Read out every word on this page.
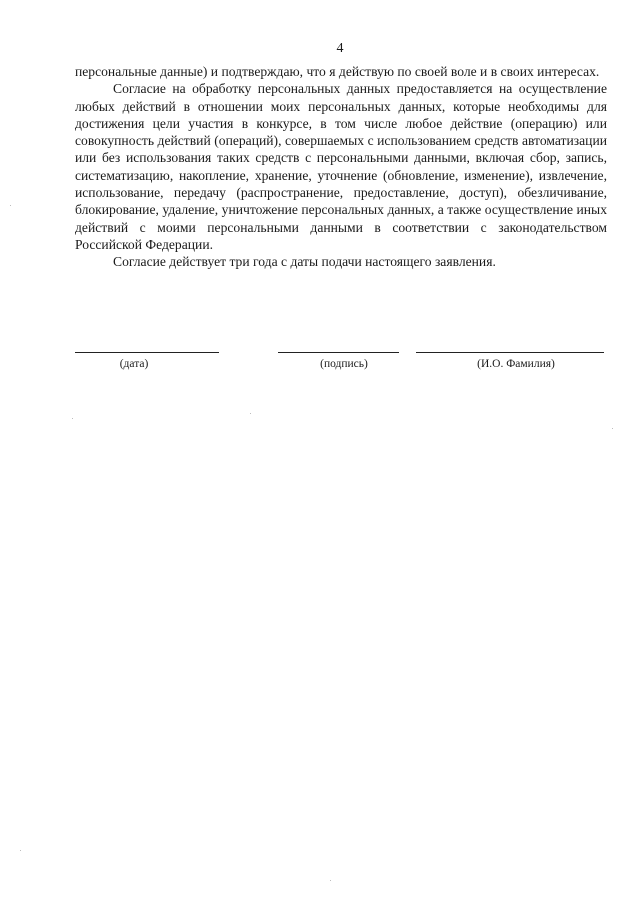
4

персональные данные) и подтверждаю, что я действую по своей воле и в своих интересах.

Согласие на обработку персональных данных предоставляется на осуществление любых действий в отношении моих персональных данных, которые необходимы для достижения цели участия в конкурсе, в том числе любое действие (операцию) или совокупность действий (операций), совершаемых с использованием средств автоматизации или без использования таких средств с персональными данными, включая сбор, запись, систематизацию, накопление, хранение, уточнение (обновление, изменение), извлечение, использование, передачу (распространение, предоставление, доступ), обезличивание, блокирование, удаление, уничтожение персональных данных, а также осуществление иных действий с моими персональными данными в соответствии с законодательством Российской Федерации.

Согласие действует три года с даты подачи настоящего заявления.

(дата)	(подпись)	(И.О. Фамилия)
